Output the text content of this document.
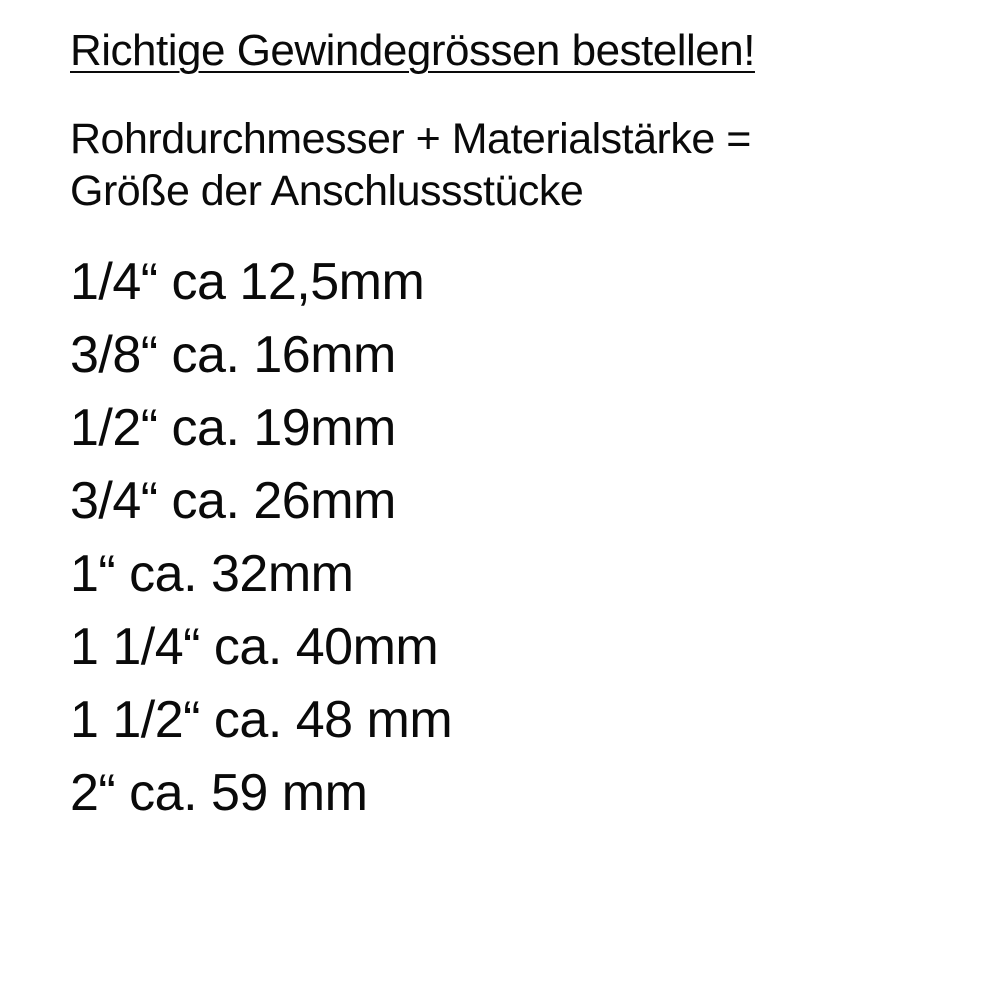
Richtige Gewindegrössen bestellen!
Rohrdurchmesser + Materialstärke =
Größe der Anschlussstücke
1/4“ ca 12,5mm
3/8“ ca. 16mm
1/2“ ca. 19mm
3/4“ ca. 26mm
1“ ca. 32mm
1 1/4“ ca. 40mm
1 1/2“ ca. 48 mm
2“ ca. 59 mm
